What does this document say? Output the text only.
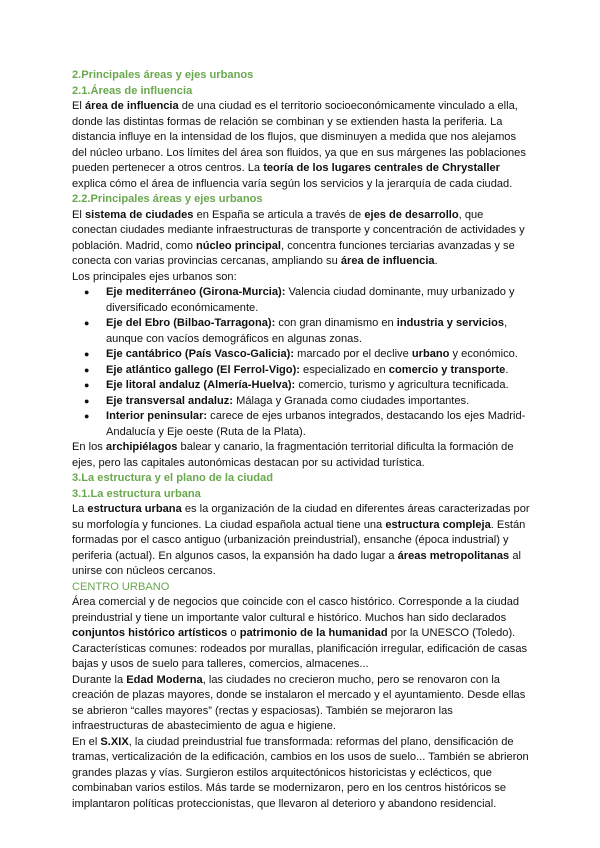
2.Principales áreas y ejes urbanos

2.1.Áreas de influencia

El área de influencia de una ciudad es el territorio socioeconómicamente vinculado a ella, donde las distintas formas de relación se combinan y se extienden hasta la periferia. La distancia influye en la intensidad de los flujos, que disminuyen a medida que nos alejamos del núcleo urbano. Los límites del área son fluidos, ya que en sus márgenes las poblaciones pueden pertenecer a otros centros. La teoría de los lugares centrales de Chrystaller explica cómo el área de influencia varía según los servicios y la jerarquía de cada ciudad.

2.2.Principales áreas y ejes urbanos

El sistema de ciudades en España se articula a través de ejes de desarrollo, que conectan ciudades mediante infraestructuras de transporte y concentración de actividades y población. Madrid, como núcleo principal, concentra funciones terciarias avanzadas y se conecta con varias provincias cercanas, ampliando su área de influencia.

Los principales ejes urbanos son:

● Eje mediterráneo (Girona-Murcia): Valencia ciudad dominante, muy urbanizado y diversificado económicamente.
● Eje del Ebro (Bilbao-Tarragona): con gran dinamismo en industria y servicios, aunque con vacíos demográficos en algunas zonas.
● Eje cantábrico (País Vasco-Galicia): marcado por el declive urbano y económico.
● Eje atlántico gallego (El Ferrol-Vigo): especializado en comercio y transporte.
● Eje litoral andaluz (Almería-Huelva): comercio, turismo y agricultura tecnificada.
● Eje transversal andaluz: Málaga y Granada como ciudades importantes.
● Interior peninsular: carece de ejes urbanos integrados, destacando los ejes Madrid-Andalucía y Eje oeste (Ruta de la Plata).

En los archipiélagos balear y canario, la fragmentación territorial dificulta la formación de ejes, pero las capitales autonómicas destacan por su actividad turística.

3.La estructura y el plano de la ciudad

3.1.La estructura urbana

La estructura urbana es la organización de la ciudad en diferentes áreas caracterizadas por su morfología y funciones. La ciudad española actual tiene una estructura compleja. Están formadas por el casco antiguo (urbanización preindustrial), ensanche (época industrial) y periferia (actual). En algunos casos, la expansión ha dado lugar a áreas metropolitanas al unirse con núcleos cercanos.

CENTRO URBANO

Área comercial y de negocios que coincide con el casco histórico. Corresponde a la ciudad preindustrial y tiene un importante valor cultural e histórico. Muchos han sido declarados conjuntos histórico artísticos o patrimonio de la humanidad por la UNESCO (Toledo).

Características comunes: rodeados por murallas, planificación irregular, edificación de casas bajas y usos de suelo para talleres, comercios, almacenes...

Durante la Edad Moderna, las ciudades no crecieron mucho, pero se renovaron con la creación de plazas mayores, donde se instalaron el mercado y el ayuntamiento. Desde ellas se abrieron “calles mayores” (rectas y espaciosas). También se mejoraron las infraestructuras de abastecimiento de agua e higiene.

En el S.XIX, la ciudad preindustrial fue transformada: reformas del plano, densificación de tramas, verticalización de la edificación, cambios en los usos de suelo... También se abrieron grandes plazas y vías. Surgieron estilos arquitectónicos historicistas y eclécticos, que combinaban varios estilos. Más tarde se modernizaron, pero en los centros históricos se implantaron políticas proteccionistas, que llevaron al deterioro y abandono residencial.
